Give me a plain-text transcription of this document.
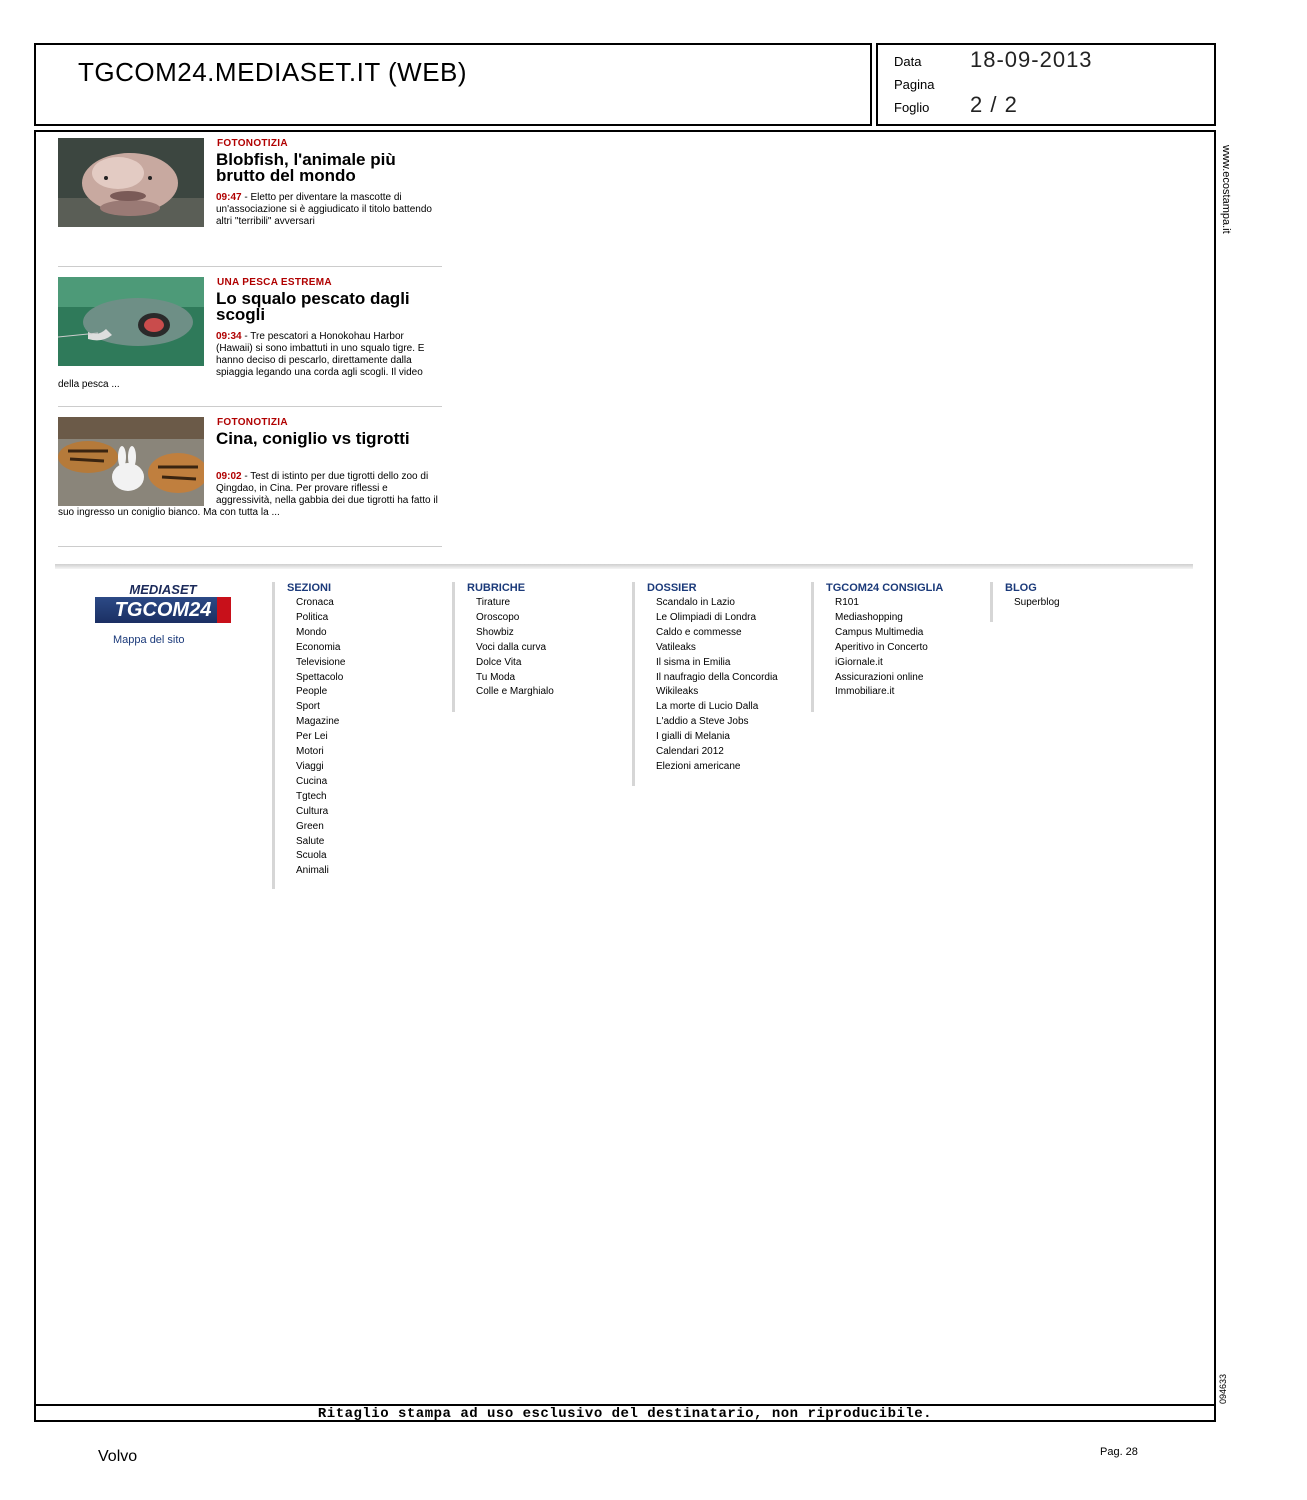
TGCOM24.MEDIASET.IT (WEB)	Data 18-09-2013
Pagina
Foglio 2 / 2
www.ecostampa.it
094633
FOTONOTIZIA
Blobfish, l'animale più brutto del mondo
09:47 - Eletto per diventare la mascotte di un'associazione si è aggiudicato il titolo battendo altri "terribili" avversari
UNA PESCA ESTREMA
Lo squalo pescato dagli scogli
09:34 - Tre pescatori a Honokohau Harbor (Hawaii) si sono imbattuti in uno squalo tigre. E hanno deciso di pescarlo, direttamente dalla spiaggia legando una corda agli scogli. Il video della pesca ...
FOTONOTIZIA
Cina, coniglio vs tigrotti
09:02 - Test di istinto per due tigrotti dello zoo di Qingdao, in Cina. Per provare riflessi e aggressività, nella gabbia dei due tigrotti ha fatto il suo ingresso un coniglio bianco. Ma con tutta la ...
MEDIASET
TGCOM24
Mappa del sito
SEZIONI
Cronaca
Politica
Mondo
Economia
Televisione
Spettacolo
People
Sport
Magazine
Per Lei
Motori
Viaggi
Cucina
Tgtech
Cultura
Green
Salute
Scuola
Animali
RUBRICHE
Tirature
Oroscopo
Showbiz
Voci dalla curva
Dolce Vita
Tu Moda
Colle e Marghialo
DOSSIER
Scandalo in Lazio
Le Olimpiadi di Londra
Caldo e commesse
Vatileaks
Il sisma in Emilia
Il naufragio della Concordia
Wikileaks
La morte di Lucio Dalla
L'addio a Steve Jobs
I gialli di Melania
Calendari 2012
Elezioni americane
TGCOM24 CONSIGLIA
R101
Mediashopping
Campus Multimedia
Aperitivo in Concerto
iGiornale.it
Assicurazioni online
Immobiliare.it
BLOG
Superblog
Ritaglio stampa ad uso esclusivo del destinatario, non riproducibile.
Volvo	Pag. 28
